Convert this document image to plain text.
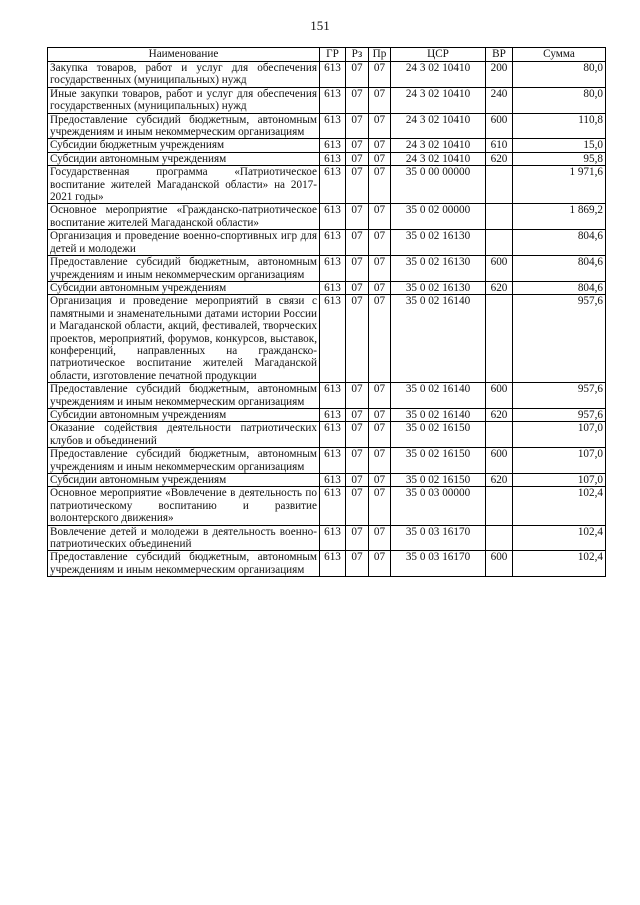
151
Наименование	ГР	Рз	Пр	ЦСР	ВР	Сумма
Закупка товаров, работ и услуг для обеспечения государственных (муниципальных) нужд	613	07	07	24 3 02 10410	200	80,0
Иные закупки товаров, работ и услуг для обеспечения государственных (муниципальных) нужд	613	07	07	24 3 02 10410	240	80,0
Предоставление субсидий бюджетным, автономным учреждениям и иным некоммерческим организациям	613	07	07	24 3 02 10410	600	110,8
Субсидии бюджетным учреждениям	613	07	07	24 3 02 10410	610	15,0
Субсидии автономным учреждениям	613	07	07	24 3 02 10410	620	95,8
Государственная программа «Патриотическое воспитание жителей Магаданской области» на 2017-2021 годы»	613	07	07	35 0 00 00000		1 971,6
Основное мероприятие «Гражданско-патриотическое воспитание жителей Магаданской области»	613	07	07	35 0 02 00000		1 869,2
Организация и проведение военно-спортивных игр для детей и молодежи	613	07	07	35 0 02 16130		804,6
Предоставление субсидий бюджетным, автономным учреждениям и иным некоммерческим организациям	613	07	07	35 0 02 16130	600	804,6
Субсидии автономным учреждениям	613	07	07	35 0 02 16130	620	804,6
Организация и проведение мероприятий в связи с памятными и знаменательными датами истории России и Магаданской области, акций, фестивалей, творческих проектов, мероприятий, форумов, конкурсов, выставок, конференций, направленных на гражданско-патриотическое воспитание жителей Магаданской области, изготовление печатной продукции	613	07	07	35 0 02 16140		957,6
Предоставление субсидий бюджетным, автономным учреждениям и иным некоммерческим организациям	613	07	07	35 0 02 16140	600	957,6
Субсидии автономным учреждениям	613	07	07	35 0 02 16140	620	957,6
Оказание содействия деятельности патриотических клубов и объединений	613	07	07	35 0 02 16150		107,0
Предоставление субсидий бюджетным, автономным учреждениям и иным некоммерческим организациям	613	07	07	35 0 02 16150	600	107,0
Субсидии автономным учреждениям	613	07	07	35 0 02 16150	620	107,0
Основное мероприятие «Вовлечение в деятельность по патриотическому воспитанию и развитие волонтерского движения»	613	07	07	35 0 03 00000		102,4
Вовлечение детей и молодежи в деятельность военно-патриотических объединений	613	07	07	35 0 03 16170		102,4
Предоставление субсидий бюджетным, автономным учреждениям и иным некоммерческим организациям	613	07	07	35 0 03 16170	600	102,4
